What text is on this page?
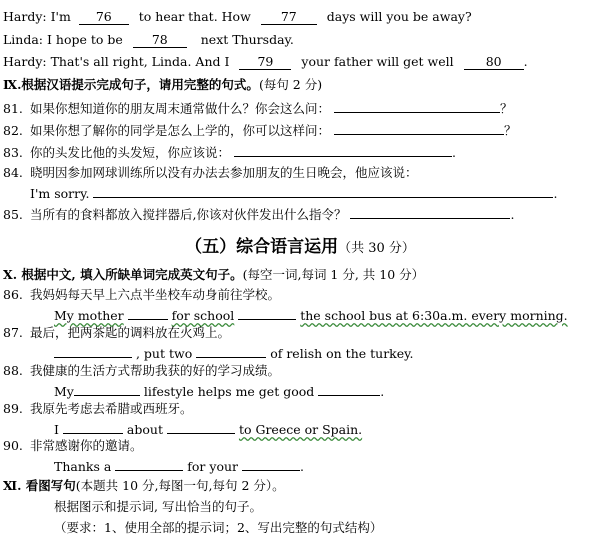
Hardy: I'm 76 to hear that. How 77 days will you be away?
Linda: I hope to be 78	next Thursday.
Hardy: That's all right, Linda. And I 79 your father will get well	80 .
Ⅸ.根据汉语提示完成句子，请用完整的句式。(每句 2 分)
81. 如果你想知道你的朋友周末通常做什么？你会这么问：	？
82. 如果你想了解你的同学是怎么上学的，你可以这样问：	？
83. 你的头发比他的头发短，你应该说：	.
84. 晓明因参加网球训练所以没有办法去参加朋友的生日晚会，他应该说：
I'm sorry.	.
85. 当所有的食料都放入搅拌器后,你该对伙伴发出什么指令？	.
（五）综合语言运用（共 30 分）
Ⅹ. 根据中文, 填入所缺单词完成英文句子。(每空一词,每词 1 分, 共 10 分）
86. 我妈妈每天早上六点半坐校车动身前往学校。
My mother	for school	the school bus at 6:30a.m. every morning.
87. 最后，把两茶匙的调料放在火鸡上。
, put two	of relish on the turkey.
88. 我健康的生活方式帮助我获的好的学习成绩。
My	lifestyle helps me get good	.
89. 我原先考虑去希腊或西班牙。
I	about	to Greece or Spain.
90. 非常感谢你的邀请。
Thanks a	for your	.
Ⅺ. 看图写句(本题共 10 分,每图一句,每句 2 分）。
根据图示和提示词, 写出恰当的句子。
（要求：1、使用全部的提示词；2、写出完整的句式结构）
